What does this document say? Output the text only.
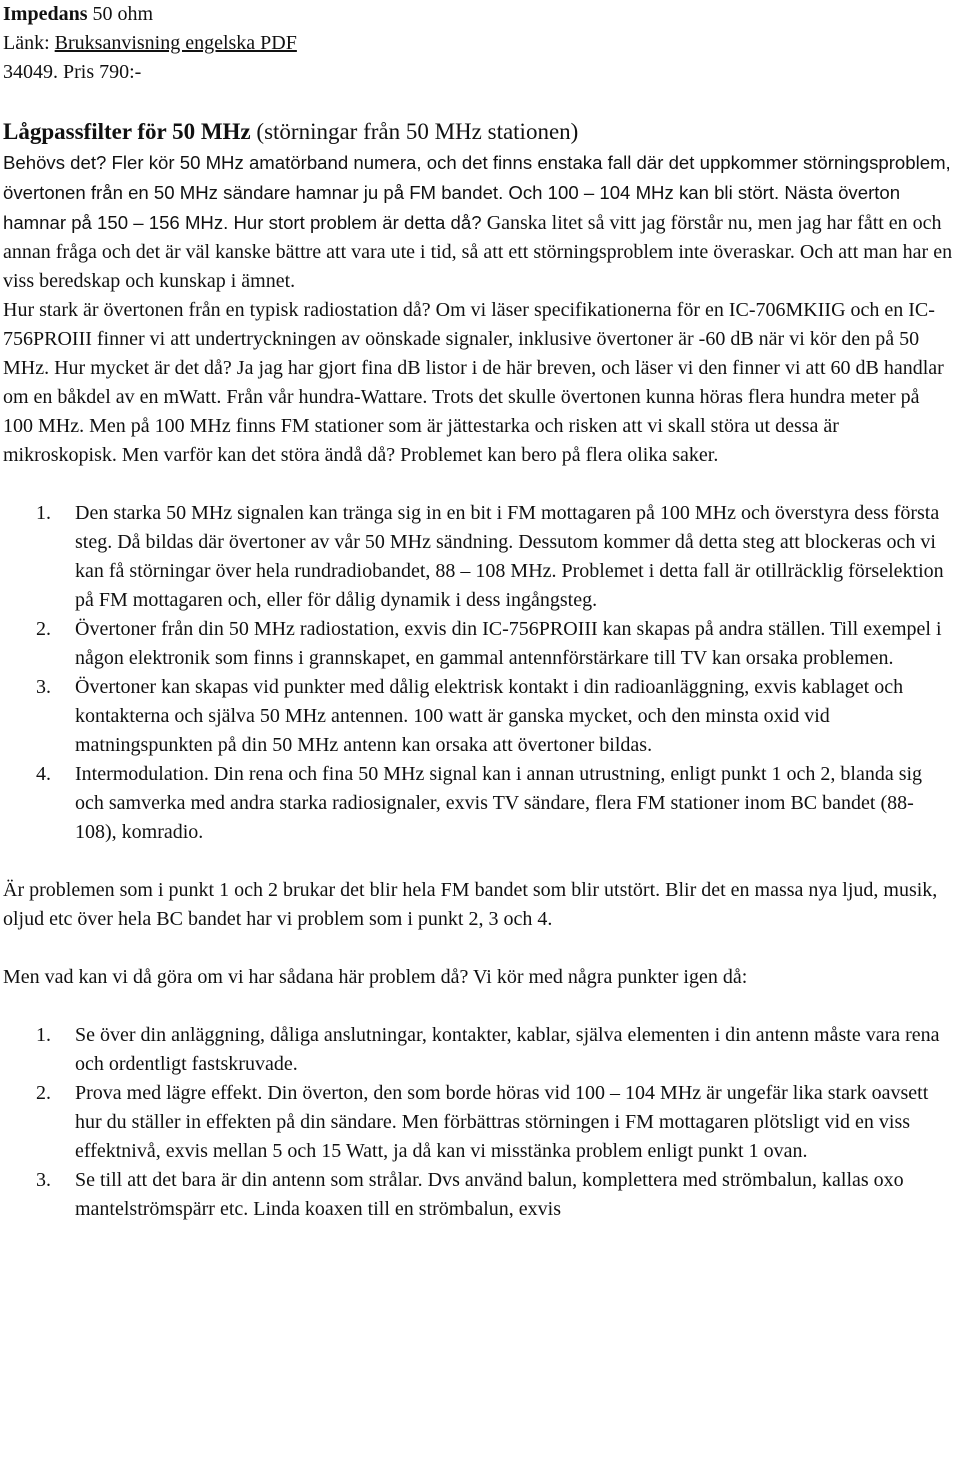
Impedans 50 ohm

Länk: Bruksanvisning engelska PDF

34049. Pris 790:-

Lågpassfilter för 50 MHz (störningar från 50 MHz stationen)

Behövs det? Fler kör 50 MHz amatörband numera, och det finns enstaka fall där det uppkommer störningsproblem, övertonen från en 50 MHz sändare hamnar ju på FM bandet. Och 100 – 104 MHz kan bli stört. Nästa överton hamnar på 150 – 156 MHz. Hur stort problem är detta då? Ganska litet så vitt jag förstår nu, men jag har fått en och annan fråga och det är väl kanske bättre att vara ute i tid, så att ett störningsproblem inte överaskar. Och att man har en viss beredskap och kunskap i ämnet.

Hur stark är övertonen från en typisk radiostation då? Om vi läser specifikationerna för en IC-706MKIIG och en IC-756PROIII finner vi att undertryckningen av oönskade signaler, inklusive övertoner är -60 dB när vi kör den på 50 MHz. Hur mycket är det då? Ja jag har gjort fina dB listor i de här breven, och läser vi den finner vi att 60 dB handlar om en båkdel av en mWatt. Från vår hundra-Wattare. Trots det skulle övertonen kunna höras flera hundra meter på 100 MHz. Men på 100 MHz finns FM stationer som är jättestarka och risken att vi skall störa ut dessa är mikroskopisk. Men varför kan det störa ändå då? Problemet kan bero på flera olika saker.

1. Den starka 50 MHz signalen kan tränga sig in en bit i FM mottagaren på 100 MHz och överstyra dess första steg. Då bildas där övertoner av vår 50 MHz sändning. Dessutom kommer då detta steg att blockeras och vi kan få störningar över hela rundradiobandet, 88 – 108 MHz. Problemet i detta fall är otillräcklig förselektion på FM mottagaren och, eller för dålig dynamik i dess ingångsteg.
2. Övertoner från din 50 MHz radiostation, exvis din IC-756PROIII kan skapas på andra ställen. Till exempel i någon elektronik som finns i grannskapet, en gammal antennförstärkare till TV kan orsaka problemen.
3. Övertoner kan skapas vid punkter med dålig elektrisk kontakt i din radioanläggning, exvis kablaget och kontakterna och själva 50 MHz antennen. 100 watt är ganska mycket, och den minsta oxid vid matningspunkten på din 50 MHz antenn kan orsaka att övertoner bildas.
4. Intermodulation. Din rena och fina 50 MHz signal kan i annan utrustning, enligt punkt 1 och 2, blanda sig och samverka med andra starka radiosignaler, exvis TV sändare, flera FM stationer inom BC bandet (88-108), komradio.

Är problemen som i punkt 1 och 2 brukar det blir hela FM bandet som blir utstört. Blir det en massa nya ljud, musik, oljud etc över hela BC bandet har vi problem som i punkt 2, 3 och 4.

Men vad kan vi då göra om vi har sådana här problem då? Vi kör med några punkter igen då:

1. Se över din anläggning, dåliga anslutningar, kontakter, kablar, själva elementen i din antenn måste vara rena och ordentligt fastskruvade.
2. Prova med lägre effekt. Din överton, den som borde höras vid 100 – 104 MHz är ungefär lika stark oavsett hur du ställer in effekten på din sändare. Men förbättras störningen i FM mottagaren plötsligt vid en viss effektnivå, exvis mellan 5 och 15 Watt, ja då kan vi misstänka problem enligt punkt 1 ovan.
3. Se till att det bara är din antenn som strålar. Dvs använd balun, komplettera med strömbalun, kallas oxo mantelströmspärr etc. Linda koaxen till en strömbalun, exvis
